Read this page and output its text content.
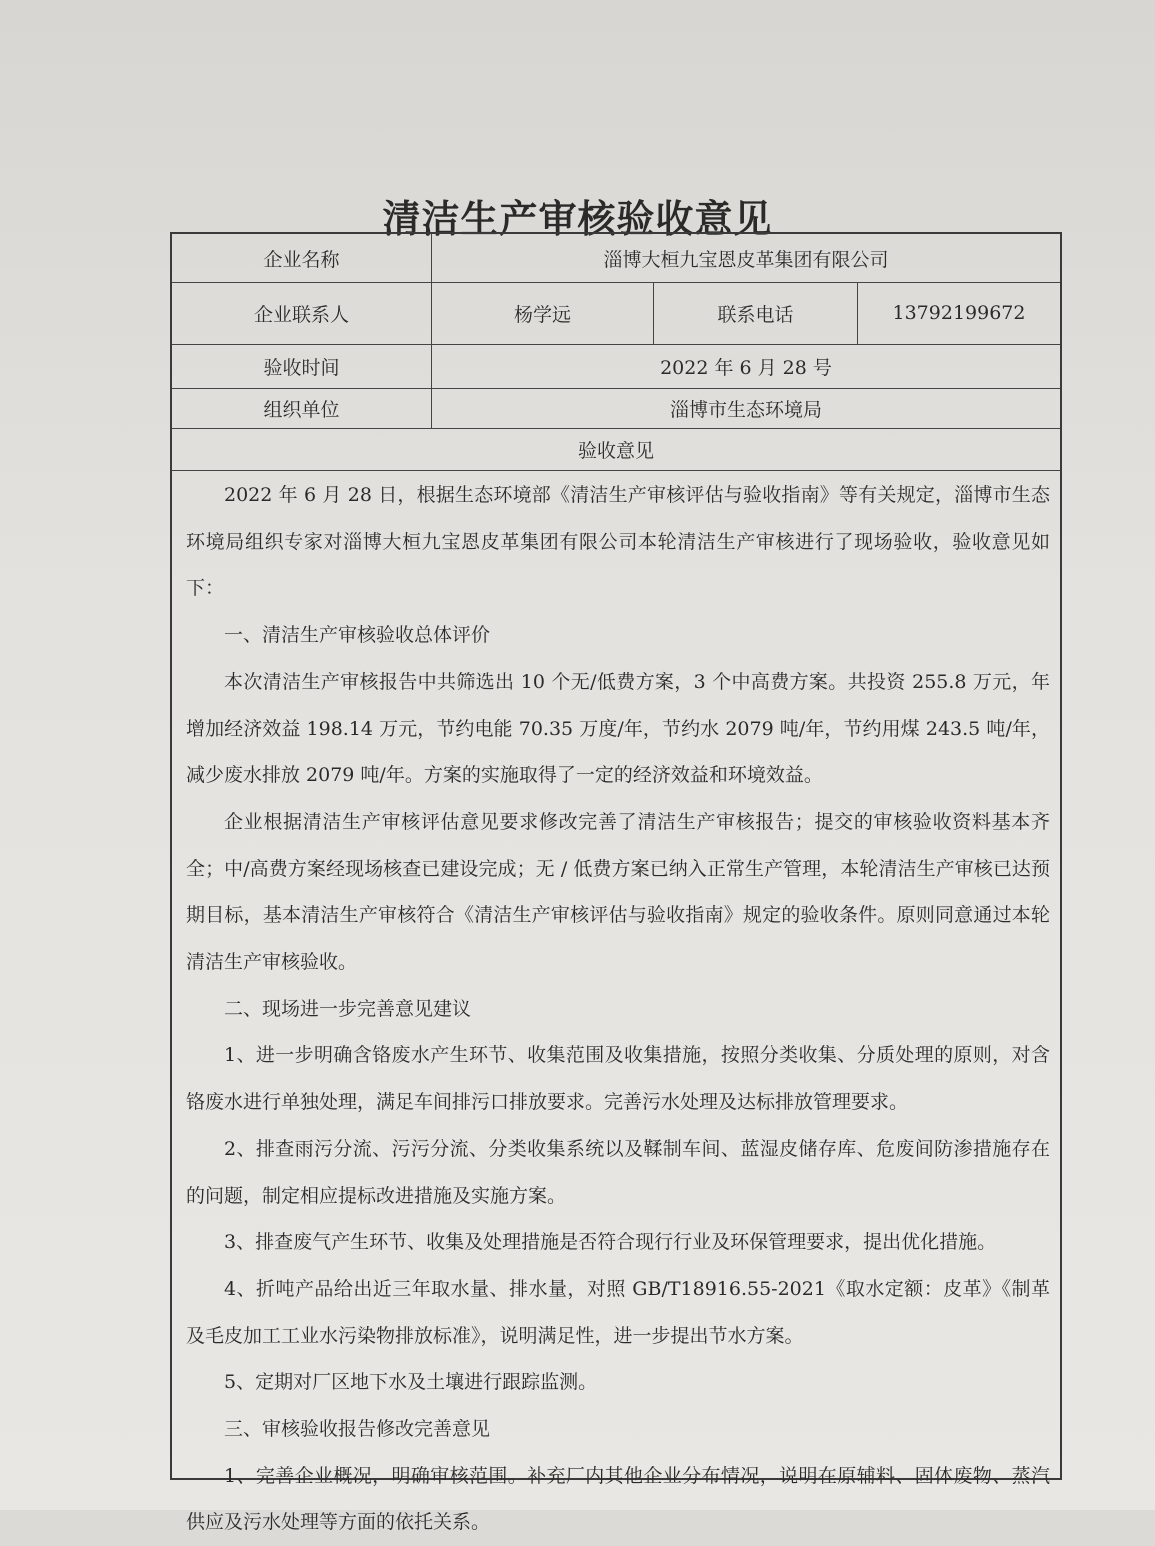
清洁生产审核验收意见
企业名称	淄博大桓九宝恩皮革集团有限公司
企业联系人	杨学远	联系电话	13792199672
验收时间	2022 年 6 月 28 号
组织单位	淄博市生态环境局
验收意见

2022 年 6 月 28 日，根据生态环境部《清洁生产审核评估与验收指南》等有关规定，淄博市生态环境局组织专家对淄博大桓九宝恩皮革集团有限公司本轮清洁生产审核进行了现场验收，验收意见如下：

一、清洁生产审核验收总体评价

本次清洁生产审核报告中共筛选出 10 个无/低费方案，3 个中高费方案。共投资 255.8 万元，年增加经济效益 198.14 万元，节约电能 70.35 万度/年，节约水 2079 吨/年，节约用煤 243.5 吨/年，减少废水排放 2079 吨/年。方案的实施取得了一定的经济效益和环境效益。

企业根据清洁生产审核评估意见要求修改完善了清洁生产审核报告；提交的审核验收资料基本齐全；中/高费方案经现场核查已建设完成；无 / 低费方案已纳入正常生产管理，本轮清洁生产审核已达预期目标，基本清洁生产审核符合《清洁生产审核评估与验收指南》规定的验收条件。原则同意通过本轮清洁生产审核验收。

二、现场进一步完善意见建议

1、进一步明确含铬废水产生环节、收集范围及收集措施，按照分类收集、分质处理的原则，对含铬废水进行单独处理，满足车间排污口排放要求。完善污水处理及达标排放管理要求。

2、排查雨污分流、污污分流、分类收集系统以及鞣制车间、蓝湿皮储存库、危废间防渗措施存在的问题，制定相应提标改进措施及实施方案。

3、排查废气产生环节、收集及处理措施是否符合现行行业及环保管理要求，提出优化措施。

4、折吨产品给出近三年取水量、排水量，对照 GB/T18916.55-2021《取水定额：皮革》《制革及毛皮加工工业水污染物排放标准》，说明满足性，进一步提出节水方案。

5、定期对厂区地下水及土壤进行跟踪监测。

三、审核验收报告修改完善意见

1、完善企业概况，明确审核范围。补充厂内其他企业分布情况，说明在原辅料、固体废物、蒸汽供应及污水处理等方面的依托关系。
